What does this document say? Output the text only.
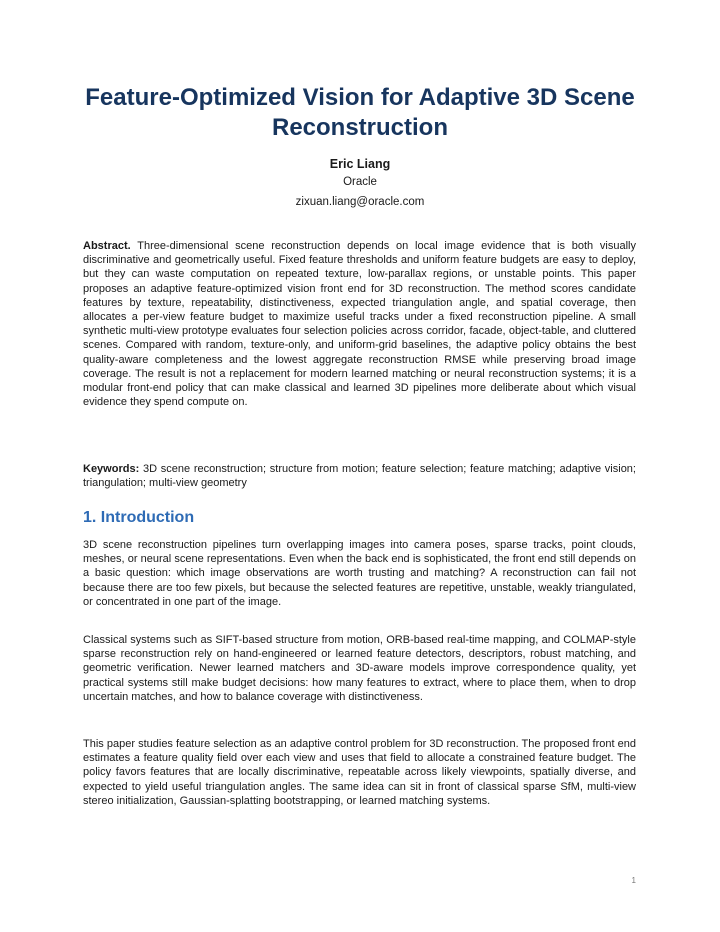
Feature-Optimized Vision for Adaptive 3D Scene Reconstruction
Eric Liang
Oracle
zixuan.liang@oracle.com

Abstract. Three-dimensional scene reconstruction depends on local image evidence that is both visually discriminative and geometrically useful. Fixed feature thresholds and uniform feature budgets are easy to deploy, but they can waste computation on repeated texture, low-parallax regions, or unstable points. This paper proposes an adaptive feature-optimized vision front end for 3D reconstruction. The method scores candidate features by texture, repeatability, distinctiveness, expected triangulation angle, and spatial coverage, then allocates a per-view feature budget to maximize useful tracks under a fixed reconstruction pipeline. A small synthetic multi-view prototype evaluates four selection policies across corridor, facade, object-table, and cluttered scenes. Compared with random, texture-only, and uniform-grid baselines, the adaptive policy obtains the best quality-aware completeness and the lowest aggregate reconstruction RMSE while preserving broad image coverage. The result is not a replacement for modern learned matching or neural reconstruction systems; it is a modular front-end policy that can make classical and learned 3D pipelines more deliberate about which visual evidence they spend compute on.

Keywords: 3D scene reconstruction; structure from motion; feature selection; feature matching; adaptive vision; triangulation; multi-view geometry

1. Introduction

3D scene reconstruction pipelines turn overlapping images into camera poses, sparse tracks, point clouds, meshes, or neural scene representations. Even when the back end is sophisticated, the front end still depends on a basic question: which image observations are worth trusting and matching? A reconstruction can fail not because there are too few pixels, but because the selected features are repetitive, unstable, weakly triangulated, or concentrated in one part of the image.

Classical systems such as SIFT-based structure from motion, ORB-based real-time mapping, and COLMAP-style sparse reconstruction rely on hand-engineered or learned feature detectors, descriptors, robust matching, and geometric verification. Newer learned matchers and 3D-aware models improve correspondence quality, yet practical systems still make budget decisions: how many features to extract, where to place them, when to drop uncertain matches, and how to balance coverage with distinctiveness.

This paper studies feature selection as an adaptive control problem for 3D reconstruction. The proposed front end estimates a feature quality field over each view and uses that field to allocate a constrained feature budget. The policy favors features that are locally discriminative, repeatable across likely viewpoints, spatially diverse, and expected to yield useful triangulation angles. The same idea can sit in front of classical sparse SfM, multi-view stereo initialization, Gaussian-splatting bootstrapping, or learned matching systems.

1
